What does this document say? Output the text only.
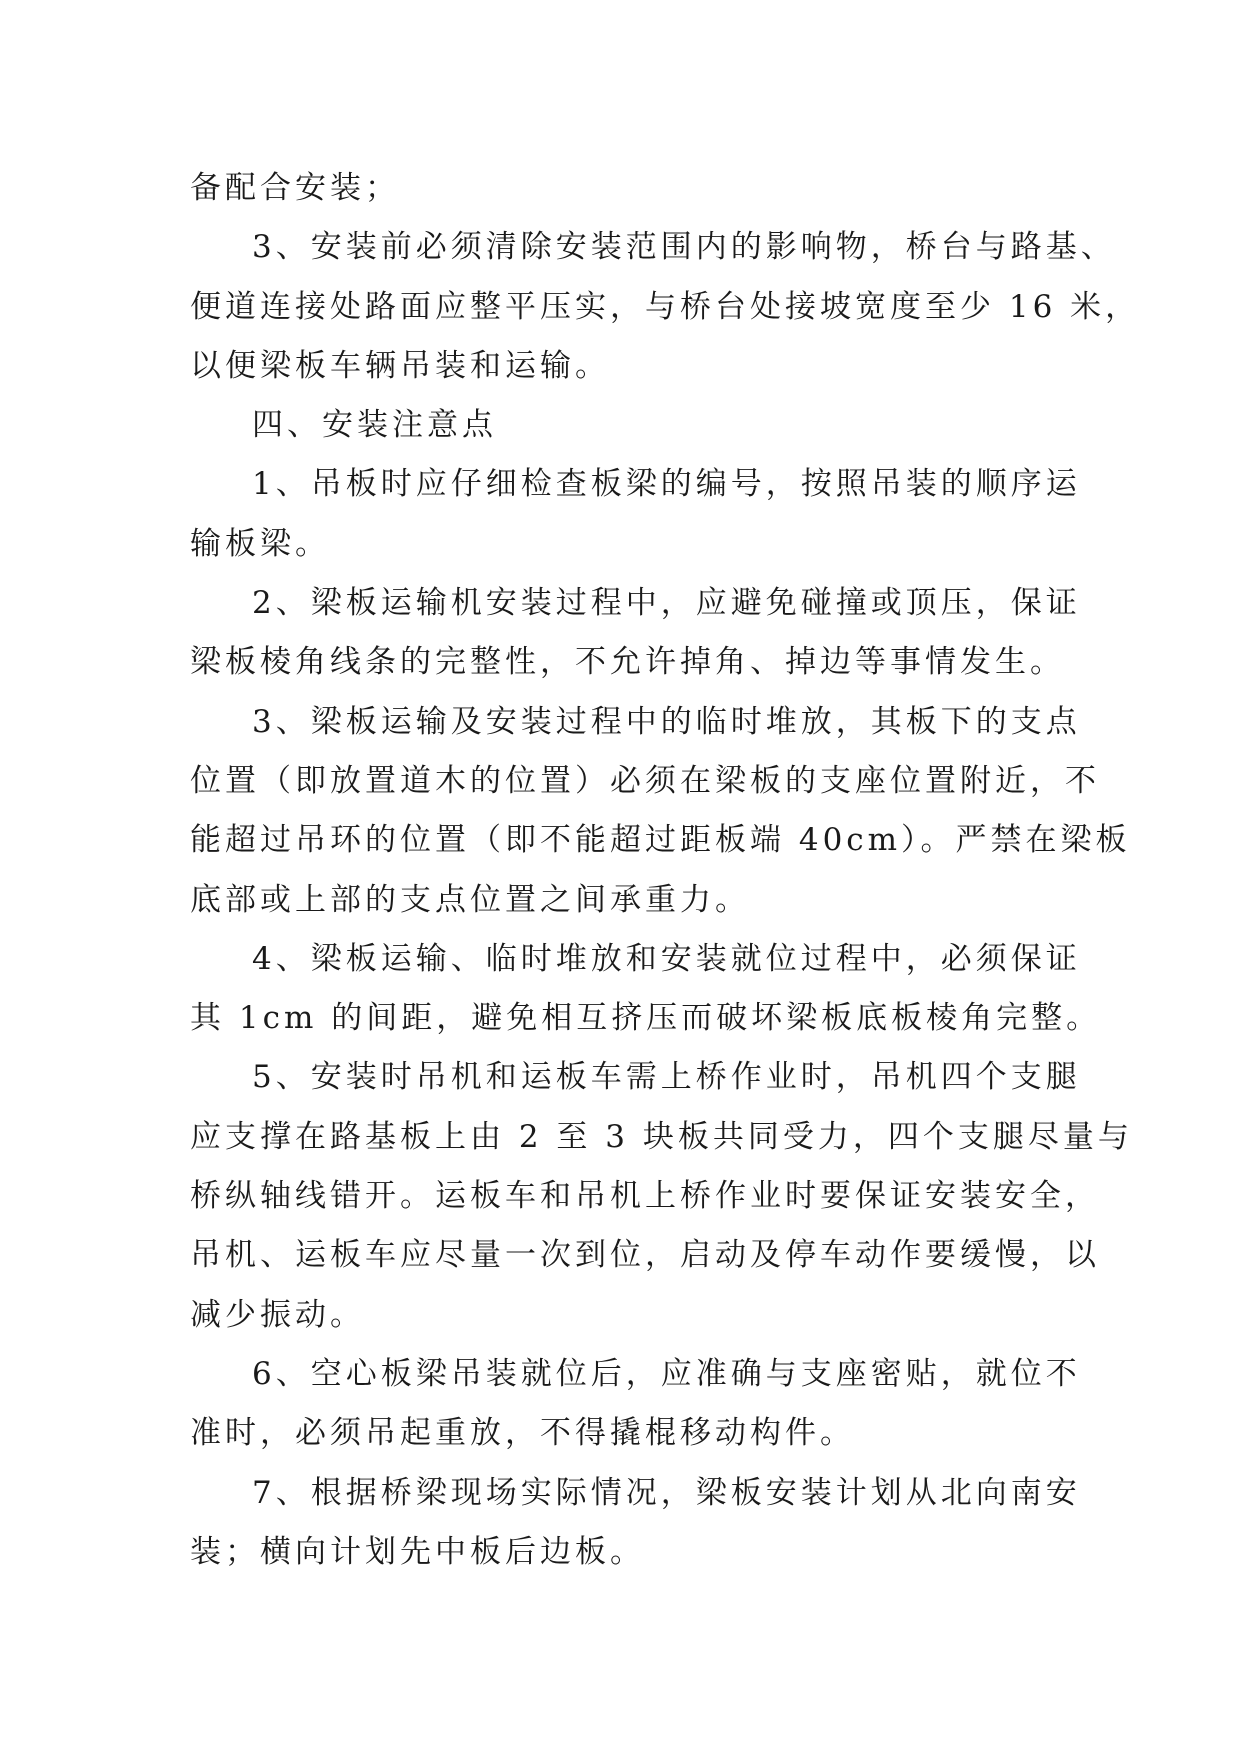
备配合安装；
3、安装前必须清除安装范围内的影响物，桥台与路基、
便道连接处路面应整平压实，与桥台处接坡宽度至少 16 米，
以便梁板车辆吊装和运输。
四、安装注意点
1、吊板时应仔细检查板梁的编号，按照吊装的顺序运
输板梁。
2、梁板运输机安装过程中，应避免碰撞或顶压，保证
梁板棱角线条的完整性，不允许掉角、掉边等事情发生。
3、梁板运输及安装过程中的临时堆放，其板下的支点
位置（即放置道木的位置）必须在梁板的支座位置附近，不
能超过吊环的位置（即不能超过距板端 40cm）。严禁在梁板
底部或上部的支点位置之间承重力。
4、梁板运输、临时堆放和安装就位过程中，必须保证
其 1cm 的间距，避免相互挤压而破坏梁板底板棱角完整。
5、安装时吊机和运板车需上桥作业时，吊机四个支腿
应支撑在路基板上由 2 至 3 块板共同受力，四个支腿尽量与
桥纵轴线错开。运板车和吊机上桥作业时要保证安装安全，
吊机、运板车应尽量一次到位，启动及停车动作要缓慢，以
减少振动。
6、空心板梁吊装就位后，应准确与支座密贴，就位不
准时，必须吊起重放，不得撬棍移动构件。
7、根据桥梁现场实际情况，梁板安装计划从北向南安
装；横向计划先中板后边板。
